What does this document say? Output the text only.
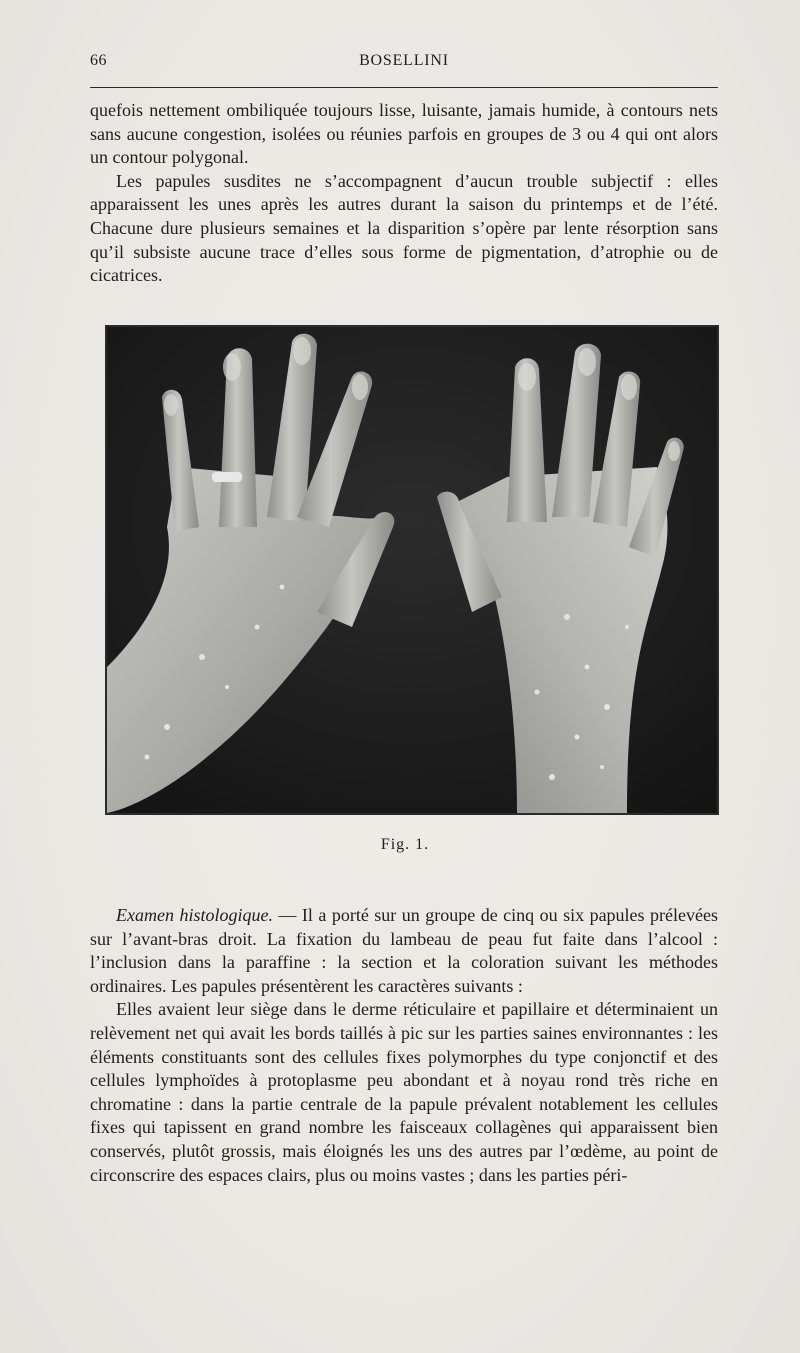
66	BOSELLINI

quefois nettement ombiliquée toujours lisse, luisante, jamais humide, à contours nets sans aucune congestion, isolées ou réunies parfois en groupes de 3 ou 4 qui ont alors un contour polygonal.

Les papules susdites ne s’accompagnent d’aucun trouble subjectif : elles apparaissent les unes après les autres durant la saison du printemps et de l’été. Chacune dure plusieurs semaines et la disparition s’opère par lente résorption sans qu’il subsiste aucune trace d’elles sous forme de pigmentation, d’atrophie ou de cicatrices.

Fig. 1.

Examen histologique. — Il a porté sur un groupe de cinq ou six papules prélevées sur l’avant-bras droit. La fixation du lambeau de peau fut faite dans l’alcool : l’inclusion dans la paraffine : la section et la coloration suivant les méthodes ordinaires. Les papules présentèrent les caractères suivants :

Elles avaient leur siège dans le derme réticulaire et papillaire et déterminaient un relèvement net qui avait les bords taillés à pic sur les parties saines environnantes : les éléments constituants sont des cellules fixes polymorphes du type conjonctif et des cellules lymphoïdes à protoplasme peu abondant et à noyau rond très riche en chromatine : dans la partie centrale de la papule prévalent notablement les cellules fixes qui tapissent en grand nombre les faisceaux collagènes qui apparaissent bien conservés, plutôt grossis, mais éloignés les uns des autres par l’œdème, au point de circonscrire des espaces clairs, plus ou moins vastes ; dans les parties péri-
